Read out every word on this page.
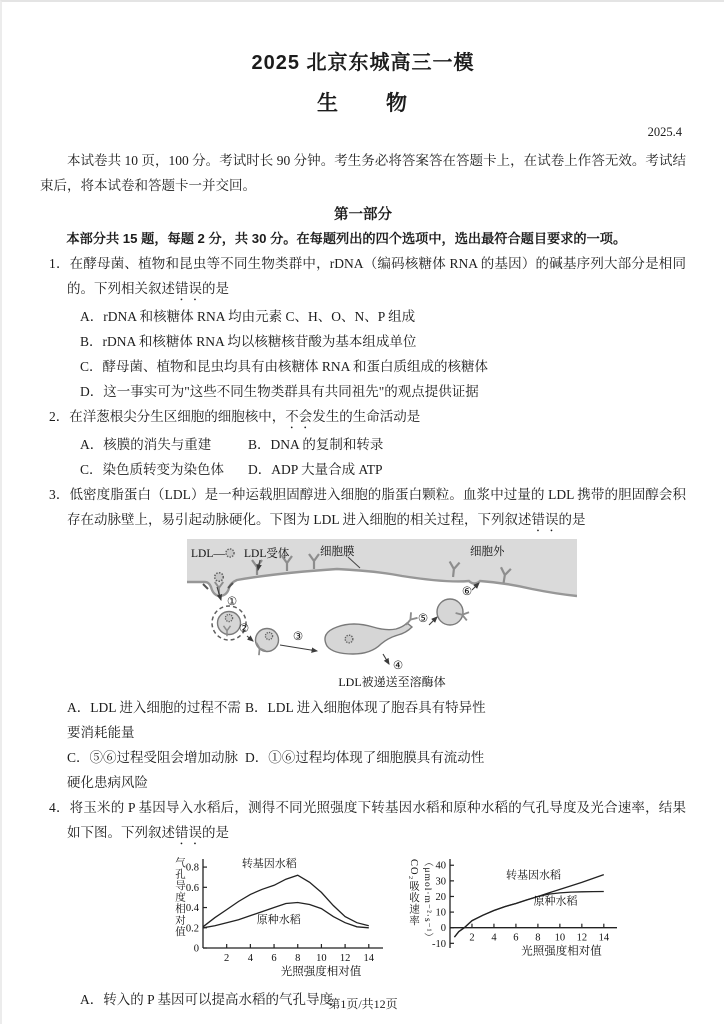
2025 北京东城高三一模
生　　物
2025.4

本试卷共 10 页，100 分。考试时长 90 分钟。考生务必将答案答在答题卡上，在试卷上作答无效。考试结束后，将本试卷和答题卡一并交回。

第一部分

本部分共 15 题，每题 2 分，共 30 分。在每题列出的四个选项中，选出最符合题目要求的一项。

1．在酵母菌、植物和昆虫等不同生物类群中，rDNA（编码核糖体 RNA 的基因）的碱基序列大部分是相同的。下列相关叙述错误的是
A．rDNA 和核糖体 RNA 均由元素 C、H、O、N、P 组成
B．rDNA 和核糖体 RNA 均以核糖核苷酸为基本组成单位
C．酵母菌、植物和昆虫均具有由核糖体 RNA 和蛋白质组成的核糖体
D．这一事实可为"这些不同生物类群具有共同祖先"的观点提供证据
2．在洋葱根尖分生区细胞的细胞核中，不会发生的生命活动是
A．核膜的消失与重建	B．DNA 的复制和转录
C．染色质转变为染色体	D．ADP 大量合成 ATP
3．低密度脂蛋白（LDL）是一种运载胆固醇进入细胞的脂蛋白颗粒。血浆中过量的 LDL 携带的胆固醇会积存在动脉壁上，易引起动脉硬化。下图为 LDL 进入细胞的相关过程，下列叙述错误的是
LDL— LDL受体	细胞膜	细胞外
①
②
③
④
LDL被递送至溶酶体
⑤
⑥
A．LDL 进入细胞的过程不需要消耗能量
B．LDL 进入细胞体现了胞吞具有特异性
C．⑤⑥过程受阻会增加动脉硬化患病风险
D．①⑥过程均体现了细胞膜具有流动性
4．将玉米的 P 基因导入水稻后，测得不同光照强度下转基因水稻和原种水稻的气孔导度及光合速率，结果如下图。下列叙述错误的是
气孔导度相对值
0
0.2
0.4
0.6
0.8
2 4 6 8 10 12 14
转基因水稻
原种水稻
光照强度相对值
CO₂吸收速率 （μmol·m⁻²·s⁻¹）
-10
0
10
20
30
40
2 4 6 8 10 12 14
转基因水稻
原种水稻
光照强度相对值
A．转入的 P 基因可以提高水稻的气孔导度
第1页/共12页
